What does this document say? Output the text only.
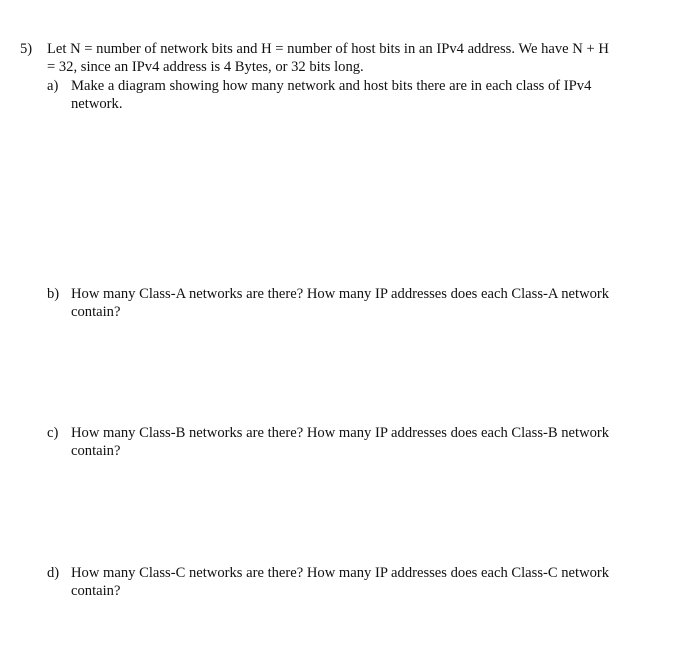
5) Let N = number of network bits and H = number of host bits in an IPv4 address. We have N + H
= 32, since an IPv4 address is 4 Bytes, or 32 bits long.
a) Make a diagram showing how many network and host bits there are in each class of IPv4
network.
b) How many Class-A networks are there? How many IP addresses does each Class-A network
contain?
c) How many Class-B networks are there? How many IP addresses does each Class-B network
contain?
d) How many Class-C networks are there? How many IP addresses does each Class-C network
contain?
